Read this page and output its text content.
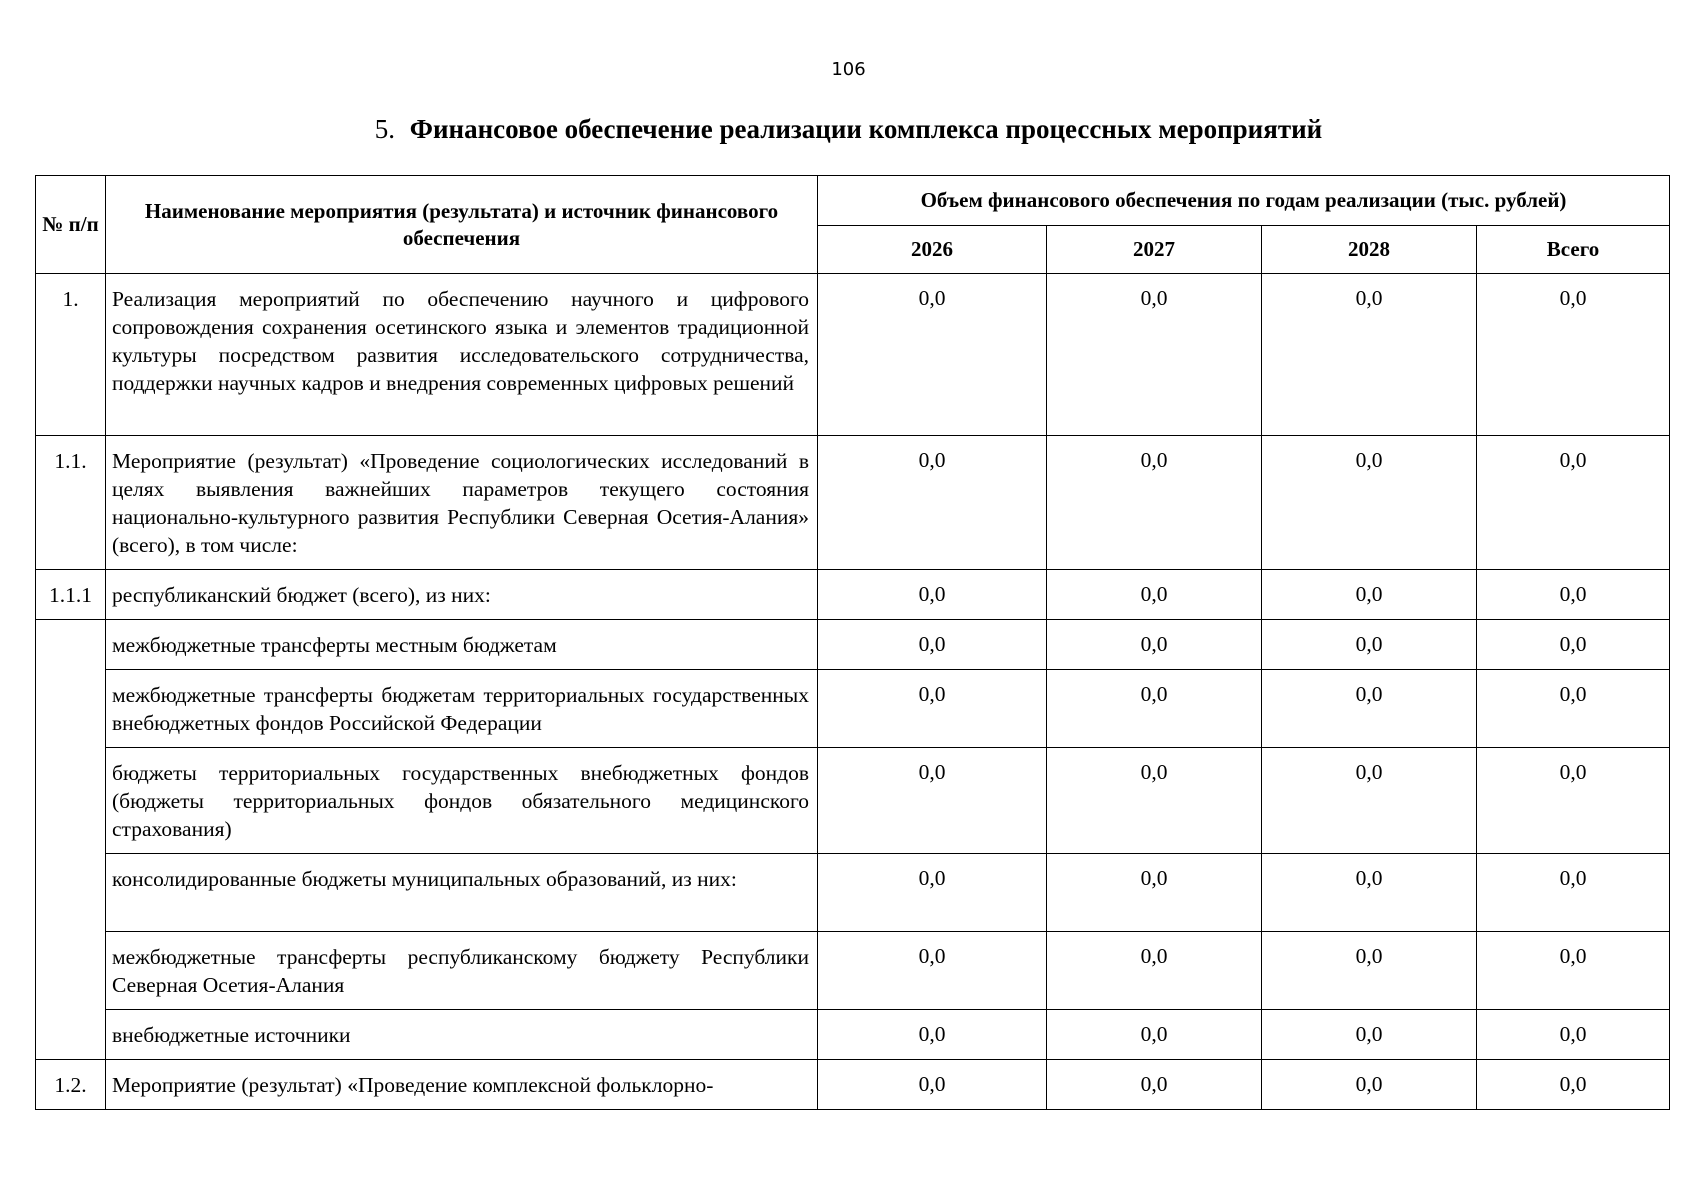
106
5. Финансовое обеспечение реализации комплекса процессных мероприятий
№ п/п	Наименование мероприятия (результата) и источник финансового обеспечения	Объем финансового обеспечения по годам реализации (тыс. рублей)			
		2026	2027	2028	Всего
1.	Реализация мероприятий по обеспечению научного и цифрового сопровождения сохранения осетинского языка и элементов традиционной культуры посредством развития исследовательского сотрудничества, поддержки научных кадров и внедрения современных цифровых решений	0,0	0,0	0,0	0,0
1.1.	Мероприятие (результат) «Проведение социологических исследований в целях выявления важнейших параметров текущего состояния национально-культурного развития Республики Северная Осетия-Алания» (всего), в том числе:	0,0	0,0	0,0	0,0
1.1.1	республиканский бюджет (всего), из них:	0,0	0,0	0,0	0,0
	межбюджетные трансферты местным бюджетам	0,0	0,0	0,0	0,0
	межбюджетные трансферты бюджетам территориальных государственных внебюджетных фондов Российской Федерации	0,0	0,0	0,0	0,0
	бюджеты территориальных государственных внебюджетных фондов (бюджеты территориальных фондов обязательного медицинского страхования)	0,0	0,0	0,0	0,0
	консолидированные бюджеты муниципальных образований, из них:	0,0	0,0	0,0	0,0
	межбюджетные трансферты республиканскому бюджету Республики Северная Осетия-Алания	0,0	0,0	0,0	0,0
	внебюджетные источники	0,0	0,0	0,0	0,0
1.2.	Мероприятие (результат) «Проведение комплексной фольклорно-	0,0	0,0	0,0	0,0
